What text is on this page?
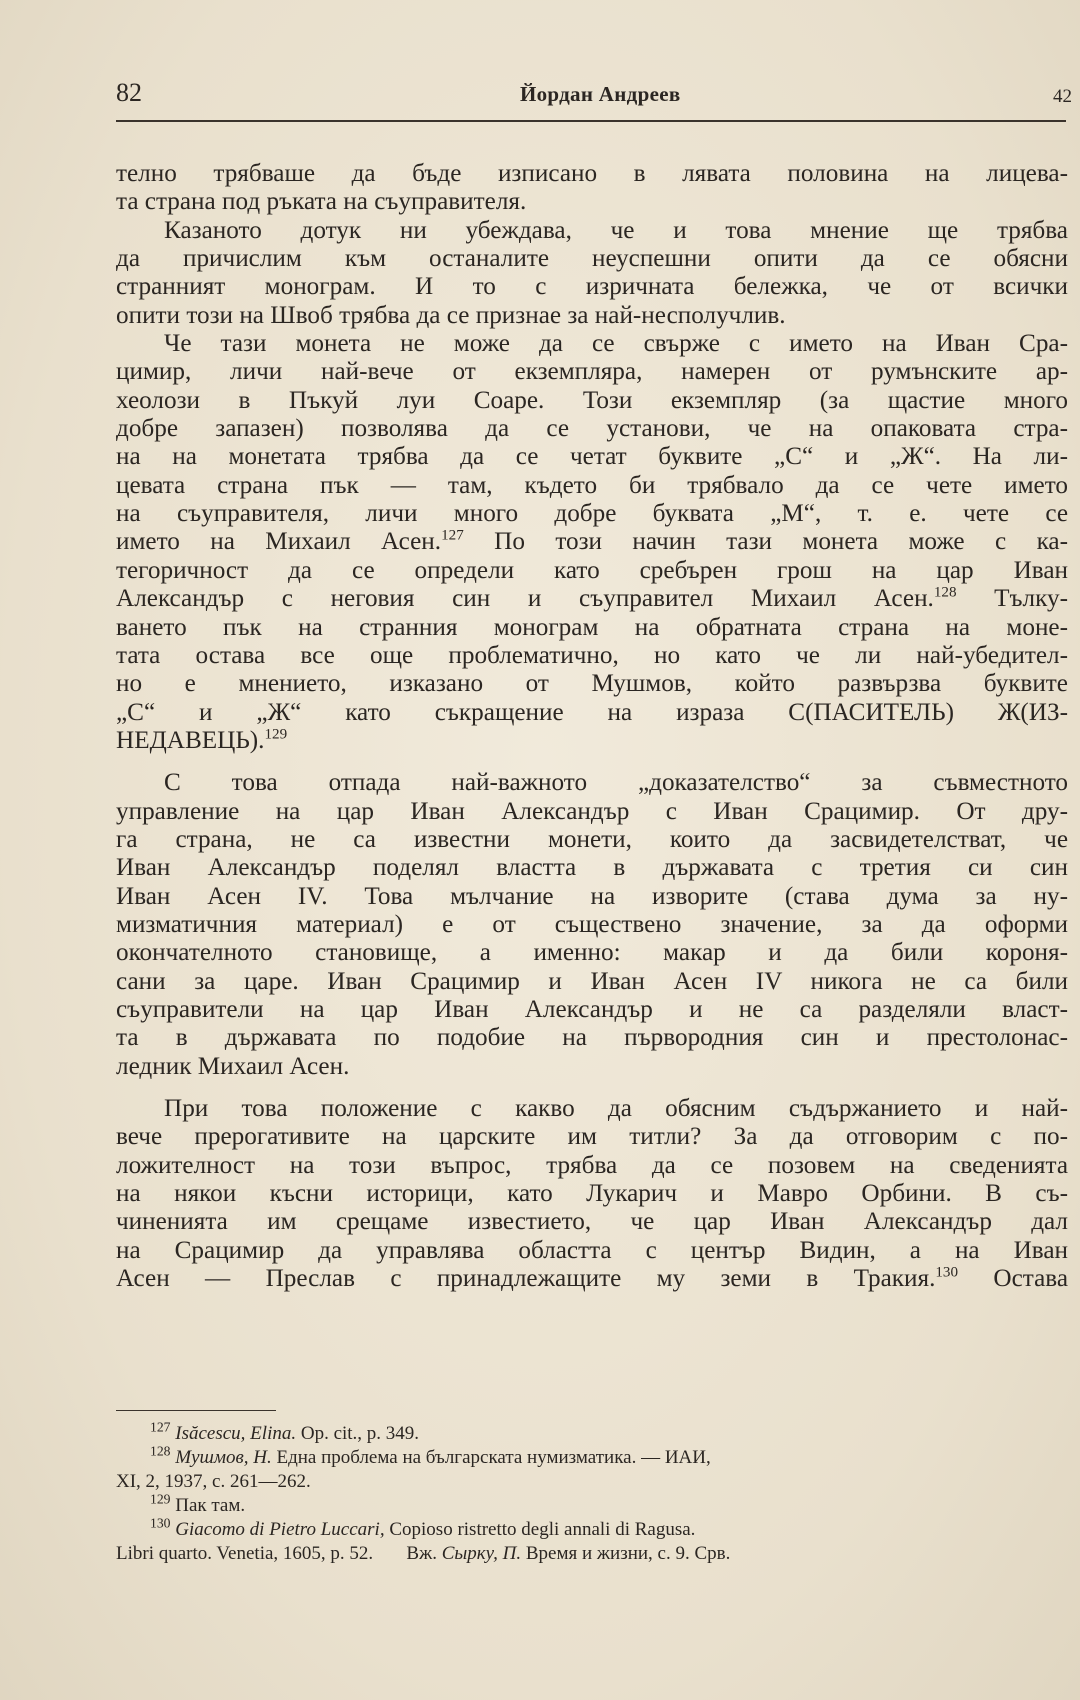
82	Йордан Андреев	42

телно трябваше да бъде изписано в лявата половина на лицева-
та страна под ръката на съуправителя.

Казаното дотук ни убеждава, че и това мнение ще трябва
да причислим към останалите неуспешни опити да се обясни
странният монограм. И то с изричната бележка, че от всички
опити този на Швоб трябва да се признае за най-несполучлив.

Че тази монета не може да се свърже с името на Иван Сра-
цимир, личи най-вече от екземпляра, намерен от румънските ар-
хеолози в Пъкуй луи Соаре. Този екземпляр (за щастие много
добре запазен) позволява да се установи, че на опаковата стра-
на на монетата трябва да се четат буквите „С“ и „Ж“. На ли-
цевата страна пък — там, където би трябвало да се чете името
на съуправителя, личи много добре буквата „М“, т. е. чете се
името на Михаил Асен.$^{127}$ По този начин тази монета може с ка-
тегоричност да се определи като сребърен грош на цар Иван
Александър с неговия син и съуправител Михаил Асен.$^{128}$ Тълку-
ването пък на странния монограм на обратната страна на моне-
тата остава все още проблематично, но като че ли най-убедител-
но е мнението, изказано от Мушмов, който развързва буквите
„С“ и „Ж“ като съкращение на израза С(ПАСИТЕЛЬ) Ж(ИЗ-
НЕДАВЕЦЬ).$^{129}$

С това отпада най-важното „доказателство“ за съвместното
управление на цар Иван Александър с Иван Срацимир. От дру-
га страна, не са известни монети, които да засвидетелстват, че
Иван Александър поделял властта в държавата с третия си син
Иван Асен IV. Това мълчание на изворите (става дума за ну-
мизматичния материал) е от съществено значение, за да оформи
окончателното становище, а именно: макар и да били короня-
сани за царе. Иван Срацимир и Иван Асен IV никога не са били
съуправители на цар Иван Александър и не са разделяли власт-
та в държавата по подобие на първородния син и престолонас-
ледник Михаил Асен.

При това положение с какво да обясним съдържанието и най-
вече прерогативите на царските им титли? За да отговорим с по-
ложителност на този въпрос, трябва да се позовем на сведенията
на някои късни историци, като Лукарич и Мавро Орбини. В съ-
чиненията им срещаме известието, че цар Иван Александър дал
на Срацимир да управлява областта с център Видин, а на Иван
Асен — Преслав с принадлежащите му земи в Тракия.$^{130}$ Остава

$^{127}$ Isăcescu, Elina. Op. cit., p. 349.
$^{128}$ Мушмов, Н. Една проблема на българската нумизматика. — ИАИ,
XI, 2, 1937, с. 261—262.
$^{129}$ Пак там.
$^{130}$ Giacomo di Pietro Luccari, Copioso ristretto degli annali di Ragusa.
Libri quarto. Venetia, 1605, p. 52. Вж. Сырку, П. Время и жизни, с. 9. Срв.
